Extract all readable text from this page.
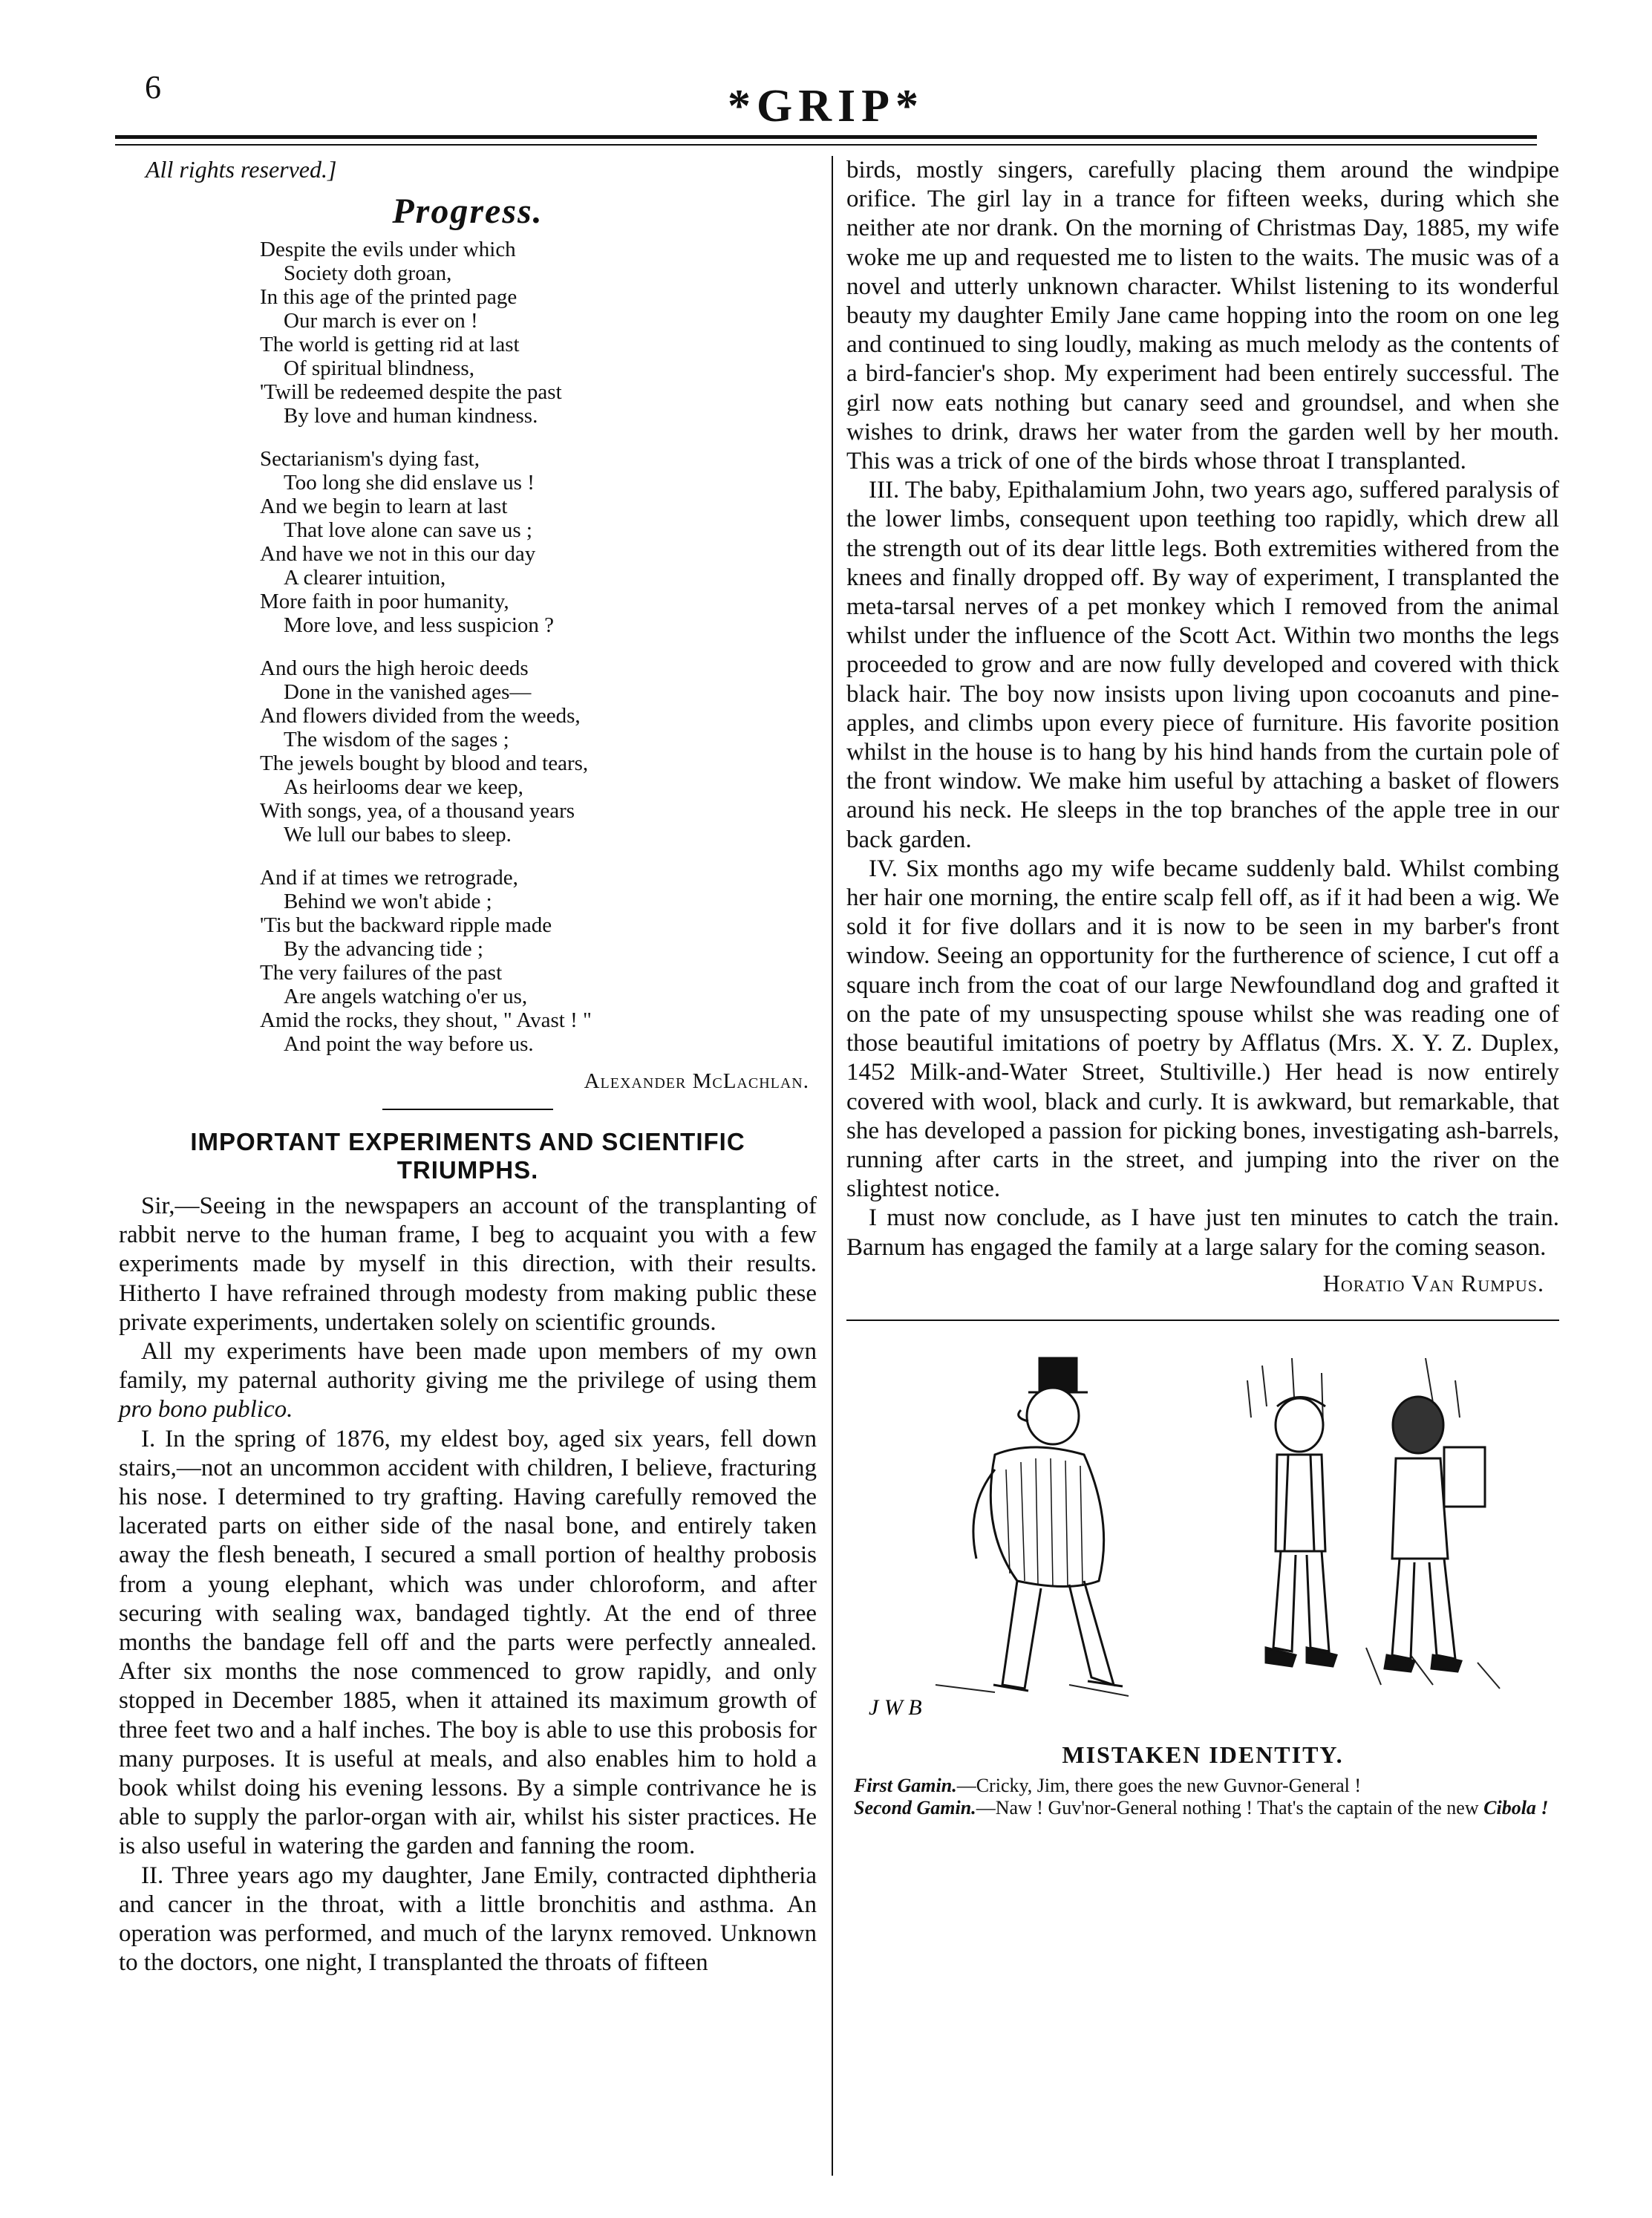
6	*GRIP*
All rights reserved.]
Progress.
Despite the evils under which
Society doth groan,
In this age of the printed page
Our march is ever on !
The world is getting rid at last
Of spiritual blindness,
'Twill be redeemed despite the past
By love and human kindness.
Sectarianism's dying fast,
Too long she did enslave us !
And we begin to learn at last
That love alone can save us ;
And have we not in this our day
A clearer intuition,
More faith in poor humanity,
More love, and less suspicion ?
And ours the high heroic deeds
Done in the vanished ages—
And flowers divided from the weeds,
The wisdom of the sages ;
The jewels bought by blood and tears,
As heirlooms dear we keep,
With songs, yea, of a thousand years
We lull our babes to sleep.
And if at times we retrograde,
Behind we won't abide ;
'Tis but the backward ripple made
By the advancing tide ;
The very failures of the past
Are angels watching o'er us,
Amid the rocks, they shout, " Avast ! "
And point the way before us.
Alexander McLachlan.
IMPORTANT EXPERIMENTS AND SCIENTIFIC
TRIUMPHS.

Sir,—Seeing in the newspapers an account of the transplanting of rabbit nerve to the human frame, I beg to acquaint you with a few experiments made by myself in this direction, with their results. Hitherto I have refrained through modesty from making public these private experiments, undertaken solely on scientific grounds.

All my experiments have been made upon members of my own family, my paternal authority giving me the privilege of using them pro bono publico.

I. In the spring of 1876, my eldest boy, aged six years, fell down stairs,—not an uncommon accident with children, I believe, fracturing his nose. I determined to try grafting. Having carefully removed the lacerated parts on either side of the nasal bone, and entirely taken away the flesh beneath, I secured a small portion of healthy probosis from a young elephant, which was under chloroform, and after securing with sealing wax, bandaged tightly. At the end of three months the bandage fell off and the parts were perfectly annealed. After six months the nose commenced to grow rapidly, and only stopped in December 1885, when it attained its maximum growth of three feet two and a half inches. The boy is able to use this probosis for many purposes. It is useful at meals, and also enables him to hold a book whilst doing his evening lessons. By a simple contrivance he is able to supply the parlor-organ with air, whilst his sister practices. He is also useful in watering the garden and fanning the room.

II. Three years ago my daughter, Jane Emily, contracted diphtheria and cancer in the throat, with a little bronchitis and asthma. An operation was performed, and much of the larynx removed. Unknown to the doctors, one night, I transplanted the throats of fifteen

birds, mostly singers, carefully placing them around the windpipe orifice. The girl lay in a trance for fifteen weeks, during which she neither ate nor drank. On the morning of Christmas Day, 1885, my wife woke me up and requested me to listen to the waits. The music was of a novel and utterly unknown character. Whilst listening to its wonderful beauty my daughter Emily Jane came hopping into the room on one leg and continued to sing loudly, making as much melody as the contents of a bird-fancier's shop. My experiment had been entirely successful. The girl now eats nothing but canary seed and groundsel, and when she wishes to drink, draws her water from the garden well by her mouth. This was a trick of one of the birds whose throat I transplanted.

III. The baby, Epithalamium John, two years ago, suffered paralysis of the lower limbs, consequent upon teething too rapidly, which drew all the strength out of its dear little legs. Both extremities withered from the knees and finally dropped off. By way of experiment, I transplanted the meta-tarsal nerves of a pet monkey which I removed from the animal whilst under the influence of the Scott Act. Within two months the legs proceeded to grow and are now fully developed and covered with thick black hair. The boy now insists upon living upon cocoanuts and pine-apples, and climbs upon every piece of furniture. His favorite position whilst in the house is to hang by his hind hands from the curtain pole of the front window. We make him useful by attaching a basket of flowers around his neck. He sleeps in the top branches of the apple tree in our back garden.

IV. Six months ago my wife became suddenly bald. Whilst combing her hair one morning, the entire scalp fell off, as if it had been a wig. We sold it for five dollars and it is now to be seen in my barber's front window. Seeing an opportunity for the furtherence of science, I cut off a square inch from the coat of our large Newfoundland dog and grafted it on the pate of my unsuspecting spouse whilst she was reading one of those beautiful imitations of poetry by Afflatus (Mrs. X. Y. Z. Duplex, 1452 Milk-and-Water Street, Stultiville.) Her head is now entirely covered with wool, black and curly. It is awkward, but remarkable, that she has developed a passion for picking bones, investigating ash-barrels, running after carts in the street, and jumping into the river on the slightest notice.

I must now conclude, as I have just ten minutes to catch the train. Barnum has engaged the family at a large salary for the coming season.

Horatio Van Rumpus.
J W B
MISTAKEN IDENTITY.
First Gamin.—Cricky, Jim, there goes the new Guvnor-General !
Second Gamin.—Naw ! Guv'nor-General nothing ! That's the captain of the new Cibola !
